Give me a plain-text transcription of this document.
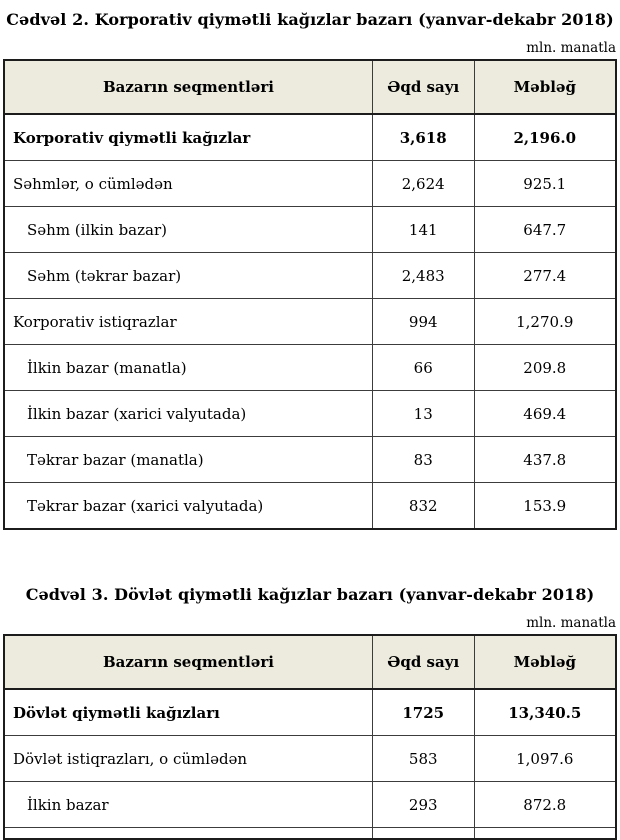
Cədvəl 2. Korporativ qiymətli kağızlar bazarı (yanvar-dekabr 2018)
mln. manatla
Bazarın seqmentləri	Əqd sayı	Məbləğ
Korporativ qiymətli kağızlar	3,618	2,196.0
Səhmlər, o cümlədən	2,624	925.1
Səhm (ilkin bazar)	141	647.7
Səhm (təkrar bazar)	2,483	277.4
Korporativ istiqrazlar	994	1,270.9
İlkin bazar (manatla)	66	209.8
İlkin bazar (xarici valyutada)	13	469.4
Təkrar bazar (manatla)	83	437.8
Təkrar bazar (xarici valyutada)	832	153.9
Cədvəl 3. Dövlət qiymətli kağızlar bazarı (yanvar-dekabr 2018)
mln. manatla
Bazarın seqmentləri	Əqd sayı	Məbləğ
Dövlət qiymətli kağızları	1725	13,340.5
Dövlət istiqrazları, o cümlədən	583	1,097.6
İlkin bazar	293	872.8
